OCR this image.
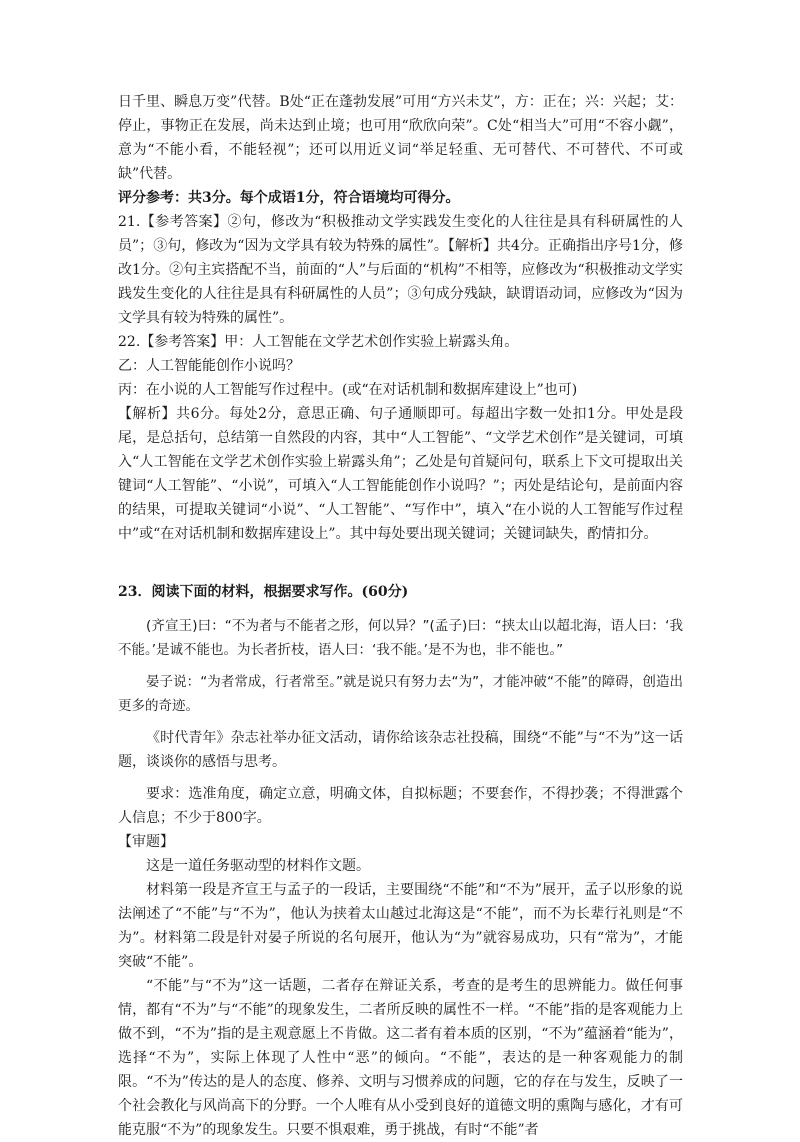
日千里、瞬息万变”代替。B处“正在蓬勃发展”可用“方兴未艾”，方：正在；兴：兴起；艾：停止，事物正在发展，尚未达到止境；也可用“欣欣向荣”。C处“相当大”可用“不容小觑”，意为“不能小看，不能轻视”；还可以用近义词“举足轻重、无可替代、不可替代、不可或缺”代替。

评分参考：共3分。每个成语1分，符合语境均可得分。

21.【参考答案】②句，修改为“积极推动文学实践发生变化的人往往是具有科研属性的人员”；③句，修改为“因为文学具有较为特殊的属性”。【解析】共4分。正确指出序号1分，修改1分。②句主宾搭配不当，前面的“人”与后面的“机构”不相等，应修改为“积极推动文学实践发生变化的人往往是具有科研属性的人员”；③句成分残缺，缺谓语动词，应修改为“因为文学具有较为特殊的属性”。

22.【参考答案】甲：人工智能在文学艺术创作实验上崭露头角。

乙：人工智能能创作小说吗？

丙：在小说的人工智能写作过程中。(或“在对话机制和数据库建设上”也可)

【解析】共6分。每处2分，意思正确、句子通顺即可。每超出字数一处扣1分。甲处是段尾，是总括句，总结第一自然段的内容，其中“人工智能”、“文学艺术创作”是关键词，可填入“人工智能在文学艺术创作实验上崭露头角”；乙处是句首疑问句，联系上下文可提取出关键词“人工智能”、“小说”，可填入“人工智能能创作小说吗？”；丙处是结论句，是前面内容的结果，可提取关键词“小说”、“人工智能”、“写作中”，填入“在小说的人工智能写作过程中”或“在对话机制和数据库建设上”。其中每处要出现关键词；关键词缺失，酌情扣分。

23．阅读下面的材料，根据要求写作。(60分)

(齐宣王)曰：“不为者与不能者之形，何以异？”(孟子)曰：“挟太山以超北海，语人曰：‘我不能。’是诚不能也。为长者折枝，语人曰：‘我不能。’是不为也，非不能也。”

晏子说：“为者常成，行者常至。”就是说只有努力去“为”，才能冲破“不能”的障碍，创造出更多的奇迹。

《时代青年》杂志社举办征文活动，请你给该杂志社投稿，围绕“不能”与“不为”这一话题，谈谈你的感悟与思考。

要求：选准角度，确定立意，明确文体，自拟标题；不要套作，不得抄袭；不得泄露个人信息；不少于800字。

【审题】

这是一道任务驱动型的材料作文题。

材料第一段是齐宣王与孟子的一段话，主要围绕“不能”和“不为”展开，孟子以形象的说法阐述了“不能”与“不为”，他认为挟着太山越过北海这是“不能”，而不为长辈行礼则是“不为”。材料第二段是针对晏子所说的名句展开，他认为“为”就容易成功，只有“常为”，才能突破“不能”。

“不能”与“不为”这一话题，二者存在辩证关系，考查的是考生的思辨能力。做任何事情，都有“不为”与“不能”的现象发生，二者所反映的属性不一样。“不能”指的是客观能力上做不到，“不为”指的是主观意愿上不肯做。这二者有着本质的区别，“不为”蕴涵着“能为”，选择“不为”，实际上体现了人性中“恶”的倾向。“不能”，表达的是一种客观能力的制限。“不为”传达的是人的态度、修养、文明与习惯养成的问题，它的存在与发生，反映了一个社会教化与风尚高下的分野。一个人唯有从小受到良好的道德文明的熏陶与感化，才有可能克服“不为”的现象发生。只要不惧艰难，勇于挑战，有时“不能”者
